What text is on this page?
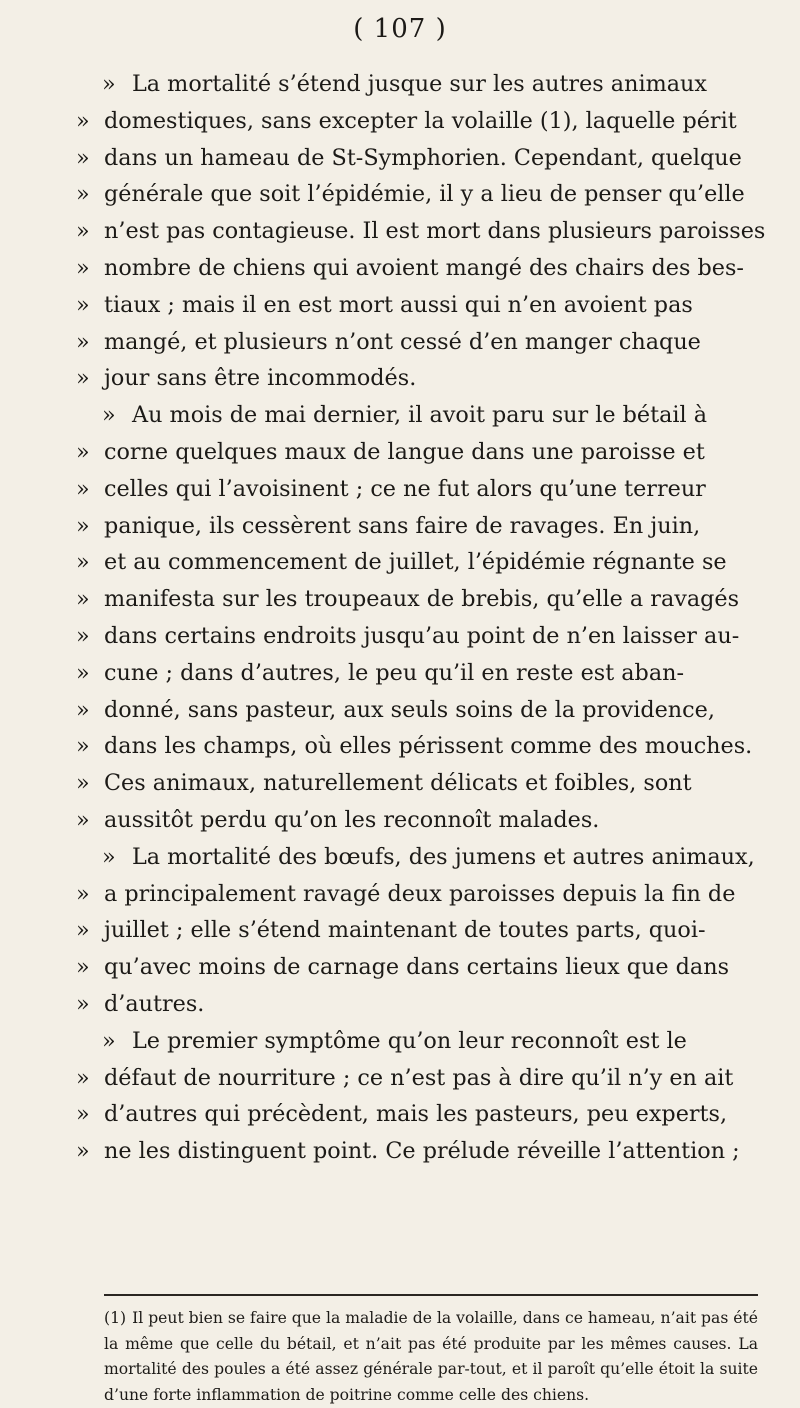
( 107 )
» La mortalité s’étend jusque sur les autres animaux
» domestiques, sans excepter la volaille (1), laquelle périt
» dans un hameau de St-Symphorien. Cependant, quelque
» générale que soit l’épidémie, il y a lieu de penser qu’elle
» n’est pas contagieuse. Il est mort dans plusieurs paroisses
» nombre de chiens qui avoient mangé des chairs des bes-
» tiaux ; mais il en est mort aussi qui n’en avoient pas
» mangé, et plusieurs n’ont cessé d’en manger chaque
» jour sans être incommodés.
» Au mois de mai dernier, il avoit paru sur le bétail à
» corne quelques maux de langue dans une paroisse et
» celles qui l’avoisinent ; ce ne fut alors qu’une terreur
» panique, ils cessèrent sans faire de ravages. En juin,
» et au commencement de juillet, l’épidémie régnante se
» manifesta sur les troupeaux de brebis, qu’elle a ravagés
» dans certains endroits jusqu’au point de n’en laisser au-
» cune ; dans d’autres, le peu qu’il en reste est aban-
» donné, sans pasteur, aux seuls soins de la providence,
» dans les champs, où elles périssent comme des mouches.
» Ces animaux, naturellement délicats et foibles, sont
» aussitôt perdu qu’on les reconnoît malades.
» La mortalité des bœufs, des jumens et autres animaux,
» a principalement ravagé deux paroisses depuis la fin de
» juillet ; elle s’étend maintenant de toutes parts, quoi-
» qu’avec moins de carnage dans certains lieux que dans
» d’autres.
» Le premier symptôme qu’on leur reconnoît est le
» défaut de nourriture ; ce n’est pas à dire qu’il n’y en ait
» d’autres qui précèdent, mais les pasteurs, peu experts,
» ne les distinguent point. Ce prélude réveille l’attention ;
(1) Il peut bien se faire que la maladie de la volaille, dans ce hameau, n’ait pas été la même que celle du bétail, et n’ait pas été produite par les mêmes causes. La mortalité des poules a été assez générale par-tout, et il paroît qu’elle étoit la suite d’une forte inflammation de poitrine comme celle des chiens.
